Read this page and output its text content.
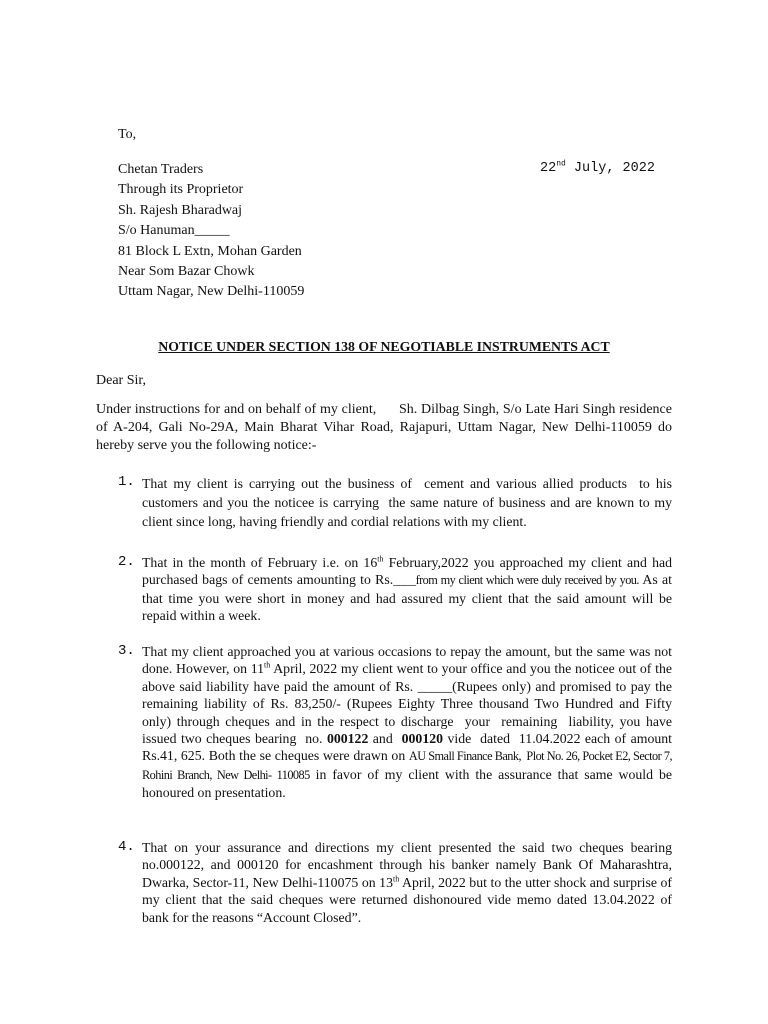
To,
Chetan Traders
Through its Proprietor
Sh. Rajesh Bharadwaj
S/o Hanuman_____
81 Block L Extn, Mohan Garden
Near Som Bazar Chowk
Uttam Nagar, New Delhi-110059
22nd July, 2022
NOTICE UNDER SECTION 138 OF NEGOTIABLE INSTRUMENTS ACT
Dear Sir,
Under instructions for and on behalf of my client,      Sh. Dilbag Singh, S/o Late Hari Singh residence of A-204, Gali No-29A, Main Bharat Vihar Road, Rajapuri, Uttam Nagar, New Delhi-110059 do hereby serve you the following notice:-
1. That my client is carrying out the business of  cement and various allied products  to his customers and you the noticee is carrying  the same nature of business and are known to my client since long, having friendly and cordial relations with my client.
2. That in the month of February i.e. on 16th February,2022 you approached my client and had purchased bags of cements amounting to Rs.____from my client which were duly received by you. As at that time you were short in money and had assured my client that the said amount will be repaid within a week.
3. That my client approached you at various occasions to repay the amount, but the same was not done. However, on 11th April, 2022 my client went to your office and you the noticee out of the above said liability have paid the amount of Rs. _____(Rupees only) and promised to pay the remaining liability of Rs. 83,250/- (Rupees Eighty Three thousand Two Hundred and Fifty only) through cheques and in the respect to discharge  your  remaining  liability, you have issued two cheques bearing  no. 000122 and  000120 vide  dated  11.04.2022 each of amount Rs.41, 625. Both the se cheques were drawn on AU Small Finance Bank,  Plot No. 26, Pocket E2, Sector 7, Rohini Branch, New Delhi- 110085 in favor of my client with the assurance that same would be honoured on presentation.
4. That on your assurance and directions my client presented the said two cheques bearing no.000122, and 000120 for encashment through his banker namely Bank Of Maharashtra, Dwarka, Sector-11, New Delhi-110075 on 13th April, 2022 but to the utter shock and surprise of my client that the said cheques were returned dishonoured vide memo dated 13.04.2022 of bank for the reasons “Account Closed”.
